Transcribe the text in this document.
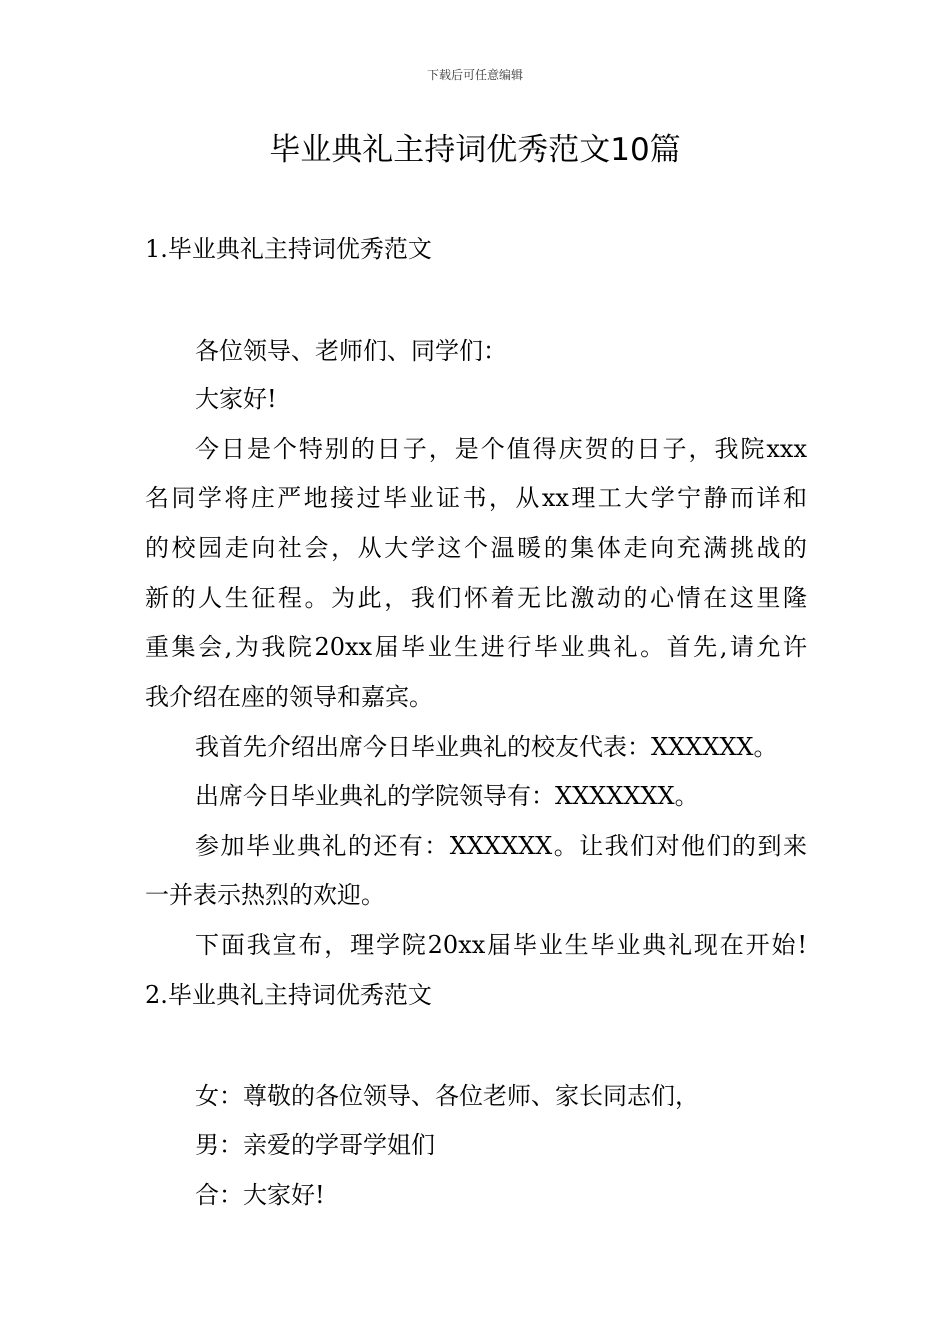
下载后可任意编辑
毕业典礼主持词优秀范文10篇
1.毕业典礼主持词优秀范文
各位领导、老师们、同学们：
大家好!
今日是个特别的日子，是个值得庆贺的日子，我院xxx
名同学将庄严地接过毕业证书，从xx理工大学宁静而详和
的校园走向社会，从大学这个温暖的集体走向充满挑战的
新的人生征程。为此，我们怀着无比激动的心情在这里隆
重集会,为我院20xx届毕业生进行毕业典礼。首先,请允许
我介绍在座的领导和嘉宾。
我首先介绍出席今日毕业典礼的校友代表：XXXXXX。
出席今日毕业典礼的学院领导有：XXXXXXX。
参加毕业典礼的还有：XXXXXX。让我们对他们的到来
一并表示热烈的欢迎。
下面我宣布，理学院20xx届毕业生毕业典礼现在开始!
2.毕业典礼主持词优秀范文
女：尊敬的各位领导、各位老师、家长同志们，
男：亲爱的学哥学姐们
合：大家好!
